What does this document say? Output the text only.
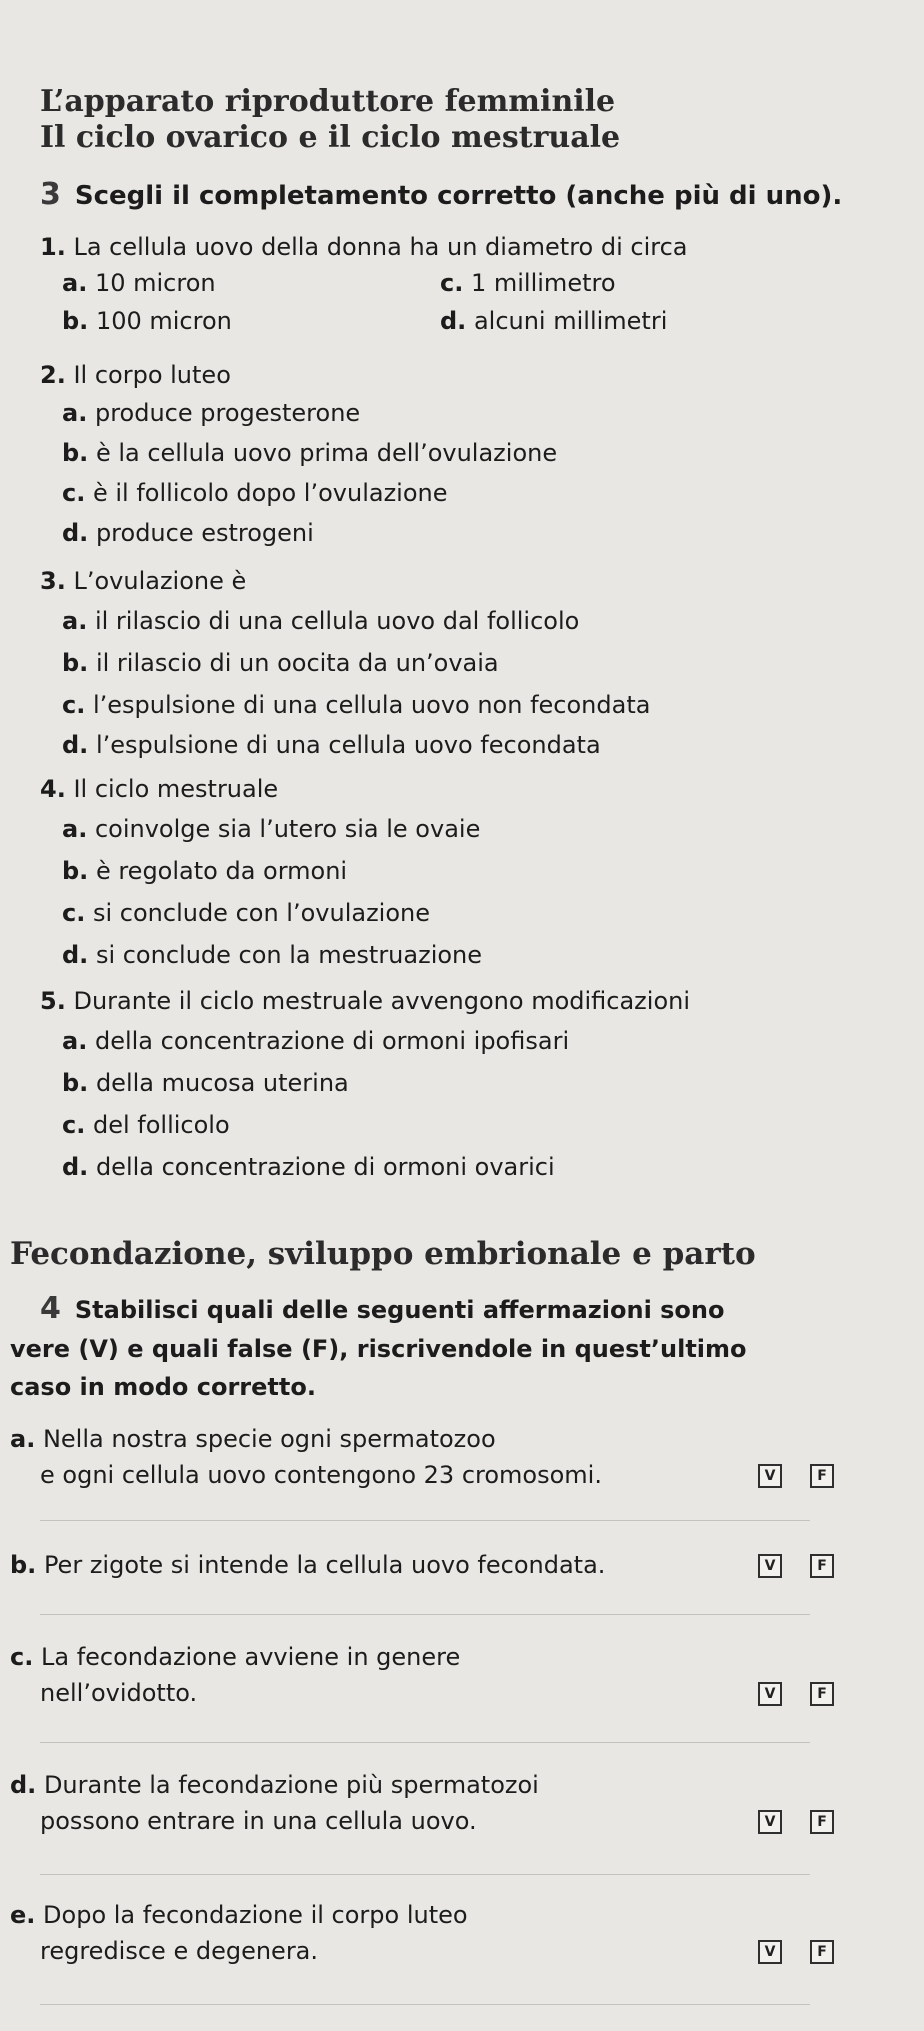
L’apparato riproduttore femminile
Il ciclo ovarico e il ciclo mestruale
3 Scegli il completamento corretto (anche più di uno).
1. La cellula uovo della donna ha un diametro di circa
a. 10 micron	c. 1 millimetro
b. 100 micron	d. alcuni millimetri
2. Il corpo luteo
a. produce progesterone
b. è la cellula uovo prima dell’ovulazione
c. è il follicolo dopo l’ovulazione
d. produce estrogeni
3. L’ovulazione è
a. il rilascio di una cellula uovo dal follicolo
b. il rilascio di un oocita da un’ovaia
c. l’espulsione di una cellula uovo non fecondata
d. l’espulsione di una cellula uovo fecondata
4. Il ciclo mestruale
a. coinvolge sia l’utero sia le ovaie
b. è regolato da ormoni
c. si conclude con l’ovulazione
d. si conclude con la mestruazione
5. Durante il ciclo mestruale avvengono modificazioni
a. della concentrazione di ormoni ipofisari
b. della mucosa uterina
c. del follicolo
d. della concentrazione di ormoni ovarici
Fecondazione, sviluppo embrionale e parto
4 Stabilisci quali delle seguenti affermazioni sono
vere (V) e quali false (F), riscrivendole in quest’ultimo
caso in modo corretto.
a. Nella nostra specie ogni spermatozoo
e ogni cellula uovo contengono 23 cromosomi.	V	F
b. Per zigote si intende la cellula uovo fecondata.	V	F
c. La fecondazione avviene in genere
nell’ovidotto.	V	F
d. Durante la fecondazione più spermatozoi
possono entrare in una cellula uovo.	V	F
e. Dopo la fecondazione il corpo luteo
regredisce e degenera.	V	F
